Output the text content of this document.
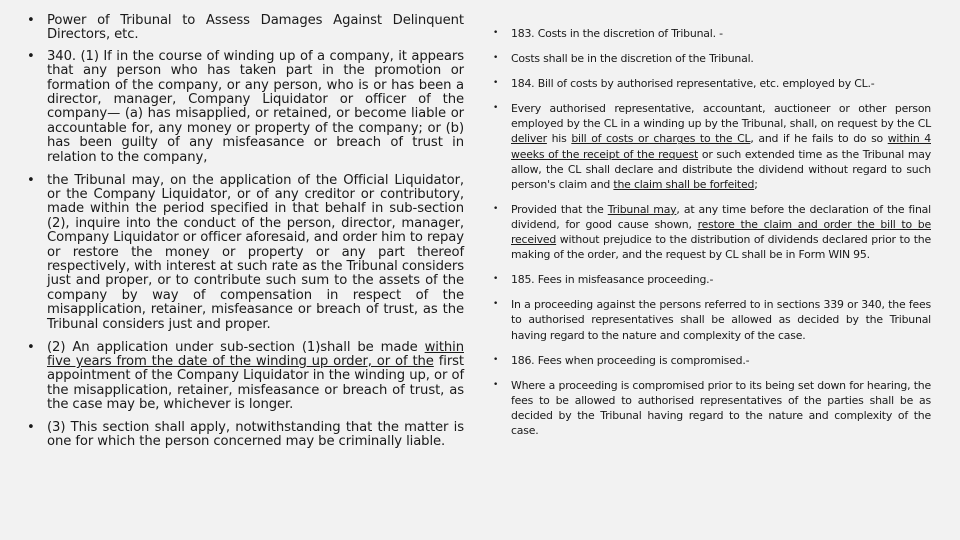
• Power of Tribunal to Assess Damages Against Delinquent Directors, etc.
• 340. (1) If in the course of winding up of a company, it appears that any person who has taken part in the promotion or formation of the company, or any person, who is or has been a director, manager, Company Liquidator or officer of the company— (a) has misapplied, or retained, or become liable or accountable for, any money or property of the company; or (b) has been guilty of any misfeasance or breach of trust in relation to the company,
• the Tribunal may, on the application of the Official Liquidator, or the Company Liquidator, or of any creditor or contributory, made within the period specified in that behalf in sub-section (2), inquire into the conduct of the person, director, manager, Company Liquidator or officer aforesaid, and order him to repay or restore the money or property or any part thereof respectively, with interest at such rate as the Tribunal considers just and proper, or to contribute such sum to the assets of the company by way of compensation in respect of the misapplication, retainer, misfeasance or breach of trust, as the Tribunal considers just and proper.
• (2) An application under sub-section (1)shall be made within five years from the date of the winding up order, or of the first appointment of the Company Liquidator in the winding up, or of the misapplication, retainer, misfeasance or breach of trust, as the case may be, whichever is longer.
• (3) This section shall apply, notwithstanding that the matter is one for which the person concerned may be criminally liable.
• 183. Costs in the discretion of Tribunal. -
• Costs shall be in the discretion of the Tribunal.
• 184. Bill of costs by authorised representative, etc. employed by CL.-
• Every authorised representative, accountant, auctioneer or other person employed by the CL in a winding up by the Tribunal, shall, on request by the CL deliver his bill of costs or charges to the CL, and if he fails to do so within 4 weeks of the receipt of the request or such extended time as the Tribunal may allow, the CL shall declare and distribute the dividend without regard to such person's claim and the claim shall be forfeited;
• Provided that the Tribunal may, at any time before the declaration of the final dividend, for good cause shown, restore the claim and order the bill to be received without prejudice to the distribution of dividends declared prior to the making of the order, and the request by CL shall be in Form WIN 95.
• 185. Fees in misfeasance proceeding.-
• In a proceeding against the persons referred to in sections 339 or 340, the fees to authorised representatives shall be allowed as decided by the Tribunal having regard to the nature and complexity of the case.
• 186. Fees when proceeding is compromised.-
• Where a proceeding is compromised prior to its being set down for hearing, the fees to be allowed to authorised representatives of the parties shall be as decided by the Tribunal having regard to the nature and complexity of the case.
